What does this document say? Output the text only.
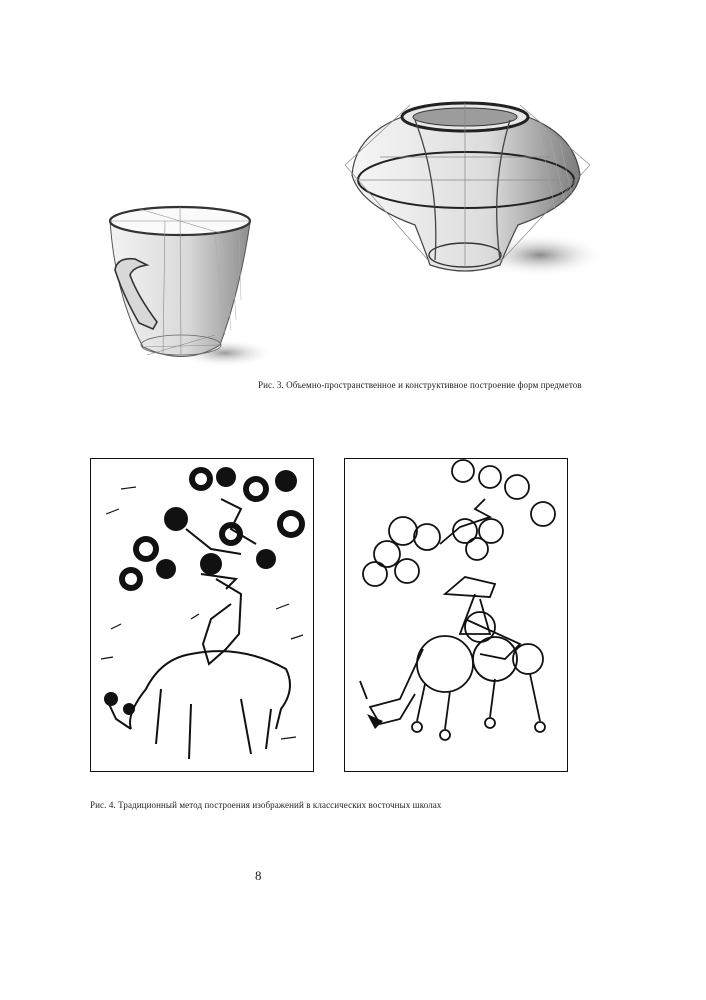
Рис. 3. Объемно-пространственное и конструктивное построение форм предметов
Рис. 4. Традиционный метод построения изображений в классических восточных школах
8
